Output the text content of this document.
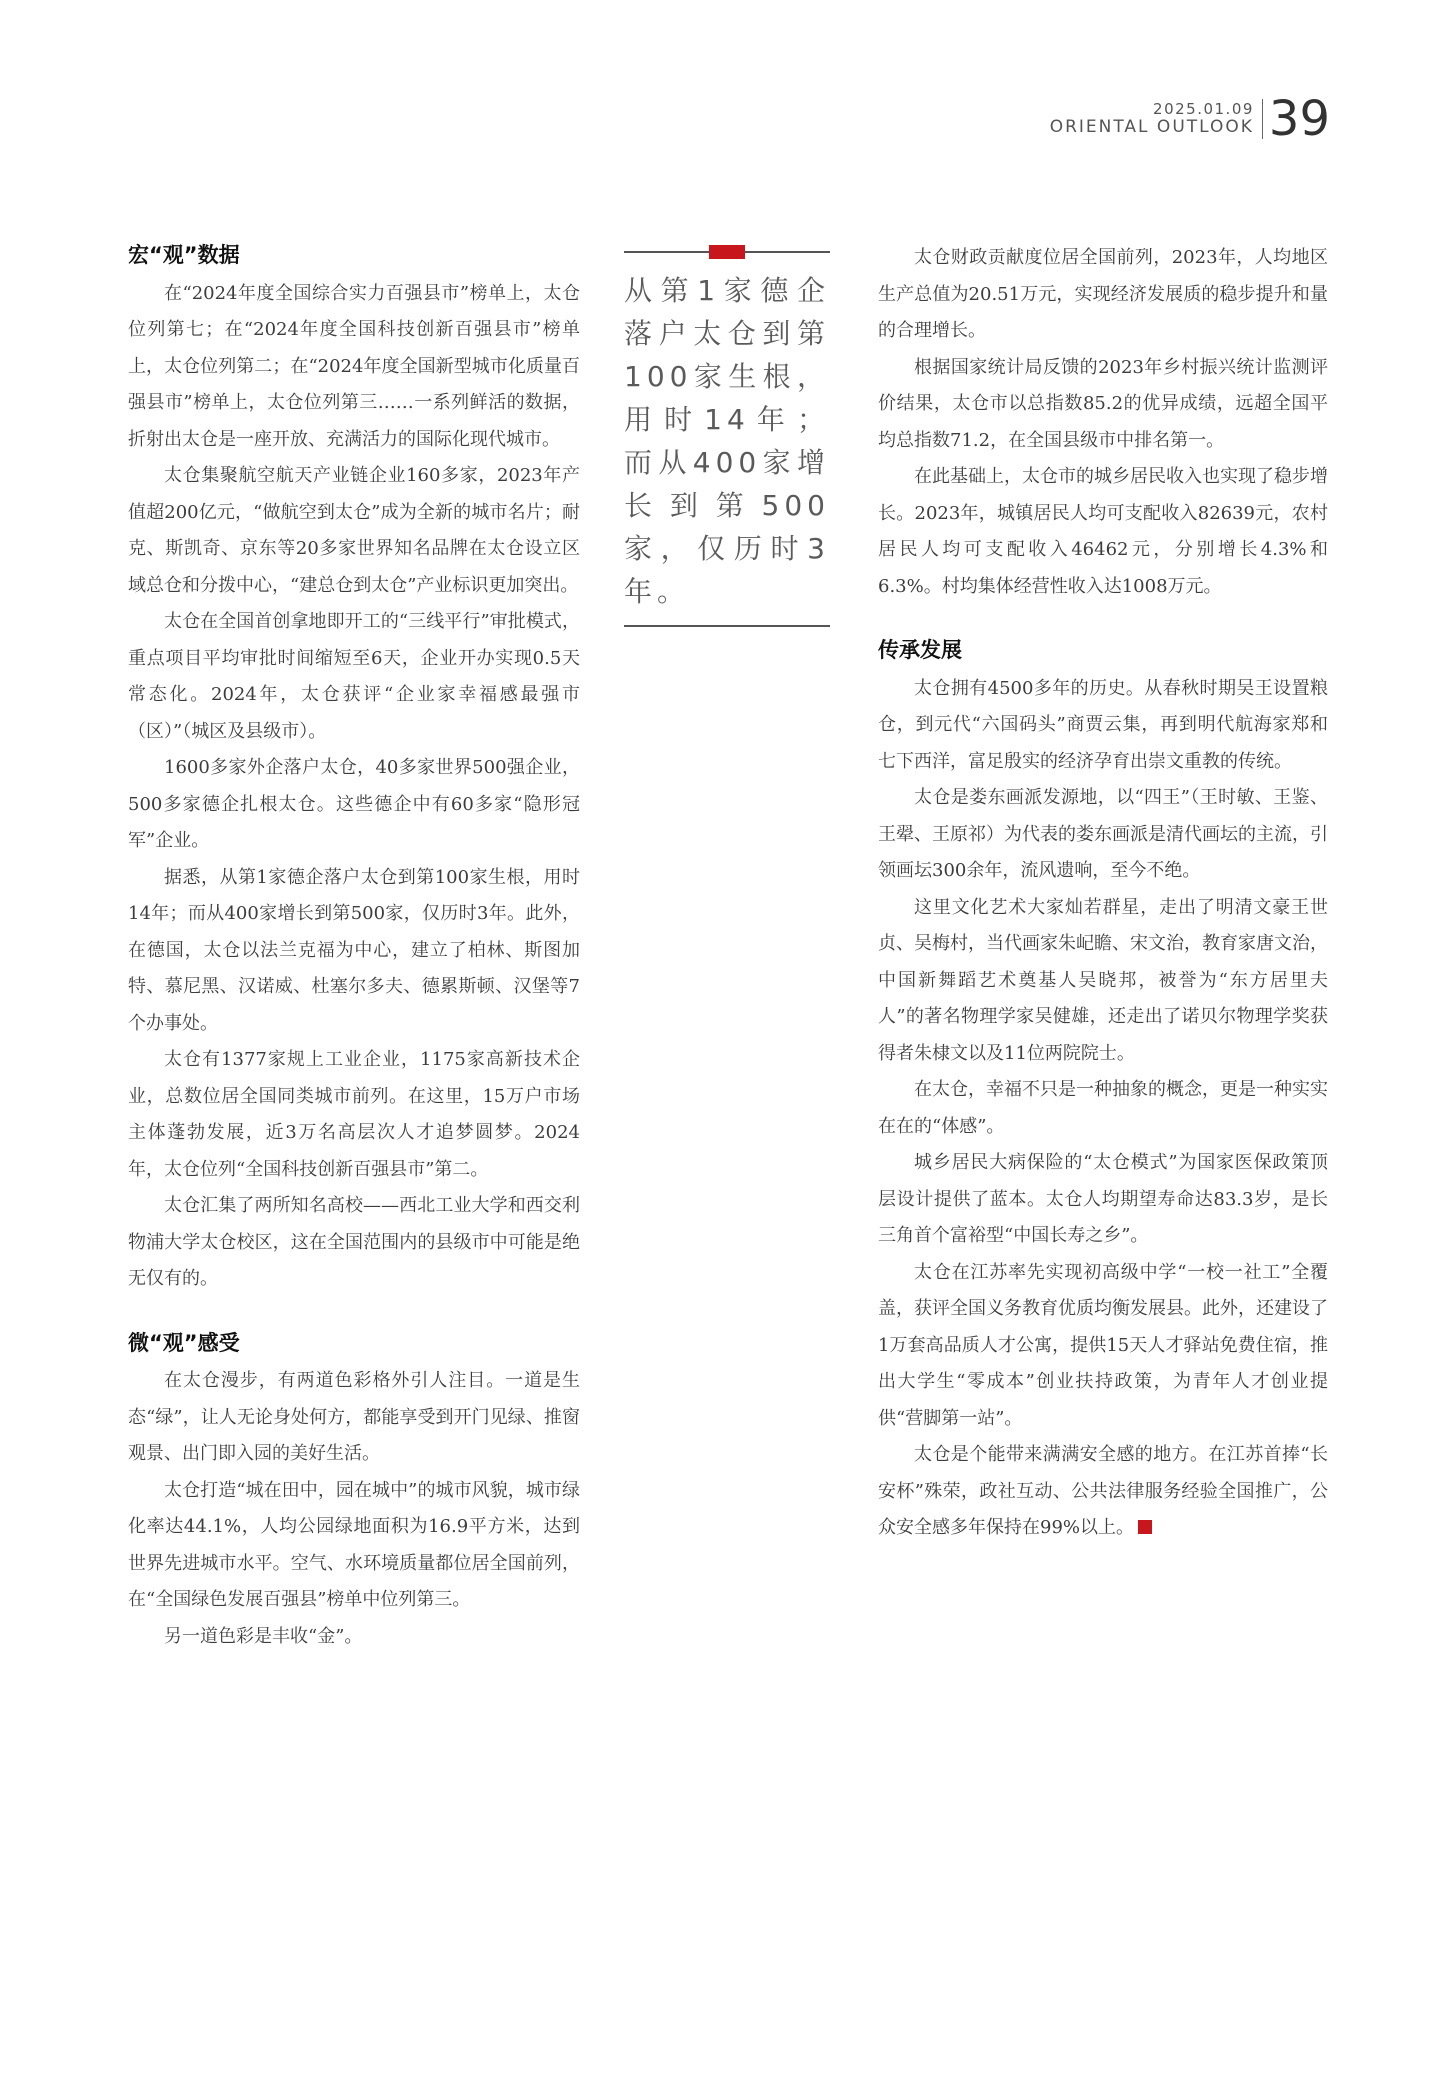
2025.01.09
ORIENTAL OUTLOOK 39
宏“观”数据

在“2024年度全国综合实力百强县市”榜单上，太仓位列第七；在“2024年度全国科技创新百强县市”榜单上，太仓位列第二；在“2024年度全国新型城市化质量百强县市”榜单上，太仓位列第三……一系列鲜活的数据，折射出太仓是一座开放、充满活力的国际化现代城市。

太仓集聚航空航天产业链企业160多家，2023年产值超200亿元，“做航空到太仓”成为全新的城市名片；耐克、斯凯奇、京东等20多家世界知名品牌在太仓设立区域总仓和分拨中心，“建总仓到太仓”产业标识更加突出。

太仓在全国首创拿地即开工的“三线平行”审批模式，重点项目平均审批时间缩短至6天，企业开办实现0.5天常态化。2024年，太仓获评“企业家幸福感最强市（区）”（城区及县级市）。

1600多家外企落户太仓，40多家世界500强企业，500多家德企扎根太仓。这些德企中有60多家“隐形冠军”企业。

据悉，从第1家德企落户太仓到第100家生根，用时14年；而从400家增长到第500家，仅历时3年。此外，在德国，太仓以法兰克福为中心，建立了柏林、斯图加特、慕尼黑、汉诺威、杜塞尔多夫、德累斯顿、汉堡等7个办事处。

太仓有1377家规上工业企业，1175家高新技术企业，总数位居全国同类城市前列。在这里，15万户市场主体蓬勃发展，近3万名高层次人才追梦圆梦。2024年，太仓位列“全国科技创新百强县市”第二。

太仓汇集了两所知名高校——西北工业大学和西交利物浦大学太仓校区，这在全国范围内的县级市中可能是绝无仅有的。

微“观”感受

在太仓漫步，有两道色彩格外引人注目。一道是生态“绿”，让人无论身处何方，都能享受到开门见绿、推窗观景、出门即入园的美好生活。

太仓打造“城在田中，园在城中”的城市风貌，城市绿化率达44.1%，人均公园绿地面积为16.9平方米，达到世界先进城市水平。空气、水环境质量都位居全国前列，在“全国绿色发展百强县”榜单中位列第三。

另一道色彩是丰收“金”。

从第1家德企落户太仓到第100家生根，用时14年；而从400家增长到第500家，仅历时3年。

太仓财政贡献度位居全国前列，2023年，人均地区生产总值为20.51万元，实现经济发展质的稳步提升和量的合理增长。

根据国家统计局反馈的2023年乡村振兴统计监测评价结果，太仓市以总指数85.2的优异成绩，远超全国平均总指数71.2，在全国县级市中排名第一。

在此基础上，太仓市的城乡居民收入也实现了稳步增长。2023年，城镇居民人均可支配收入82639元，农村居民人均可支配收入46462元，分别增长4.3%和6.3%。村均集体经营性收入达1008万元。

传承发展

太仓拥有4500多年的历史。从春秋时期吴王设置粮仓，到元代“六国码头”商贾云集，再到明代航海家郑和七下西洋，富足殷实的经济孕育出崇文重教的传统。

太仓是娄东画派发源地，以“四王”（王时敏、王鉴、王翚、王原祁）为代表的娄东画派是清代画坛的主流，引领画坛300余年，流风遗响，至今不绝。

这里文化艺术大家灿若群星，走出了明清文豪王世贞、吴梅村，当代画家朱屺瞻、宋文治，教育家唐文治，中国新舞蹈艺术奠基人吴晓邦，被誉为“东方居里夫人”的著名物理学家吴健雄，还走出了诺贝尔物理学奖获得者朱棣文以及11位两院院士。

在太仓，幸福不只是一种抽象的概念，更是一种实实在在的“体感”。

城乡居民大病保险的“太仓模式”为国家医保政策顶层设计提供了蓝本。太仓人均期望寿命达83.3岁，是长三角首个富裕型“中国长寿之乡”。

太仓在江苏率先实现初高级中学“一校一社工”全覆盖，获评全国义务教育优质均衡发展县。此外，还建设了1万套高品质人才公寓，提供15天人才驿站免费住宿，推出大学生“零成本”创业扶持政策，为青年人才创业提供“营脚第一站”。

太仓是个能带来满满安全感的地方。在江苏首捧“长安杯”殊荣，政社互动、公共法律服务经验全国推广，公众安全感多年保持在99%以上。
